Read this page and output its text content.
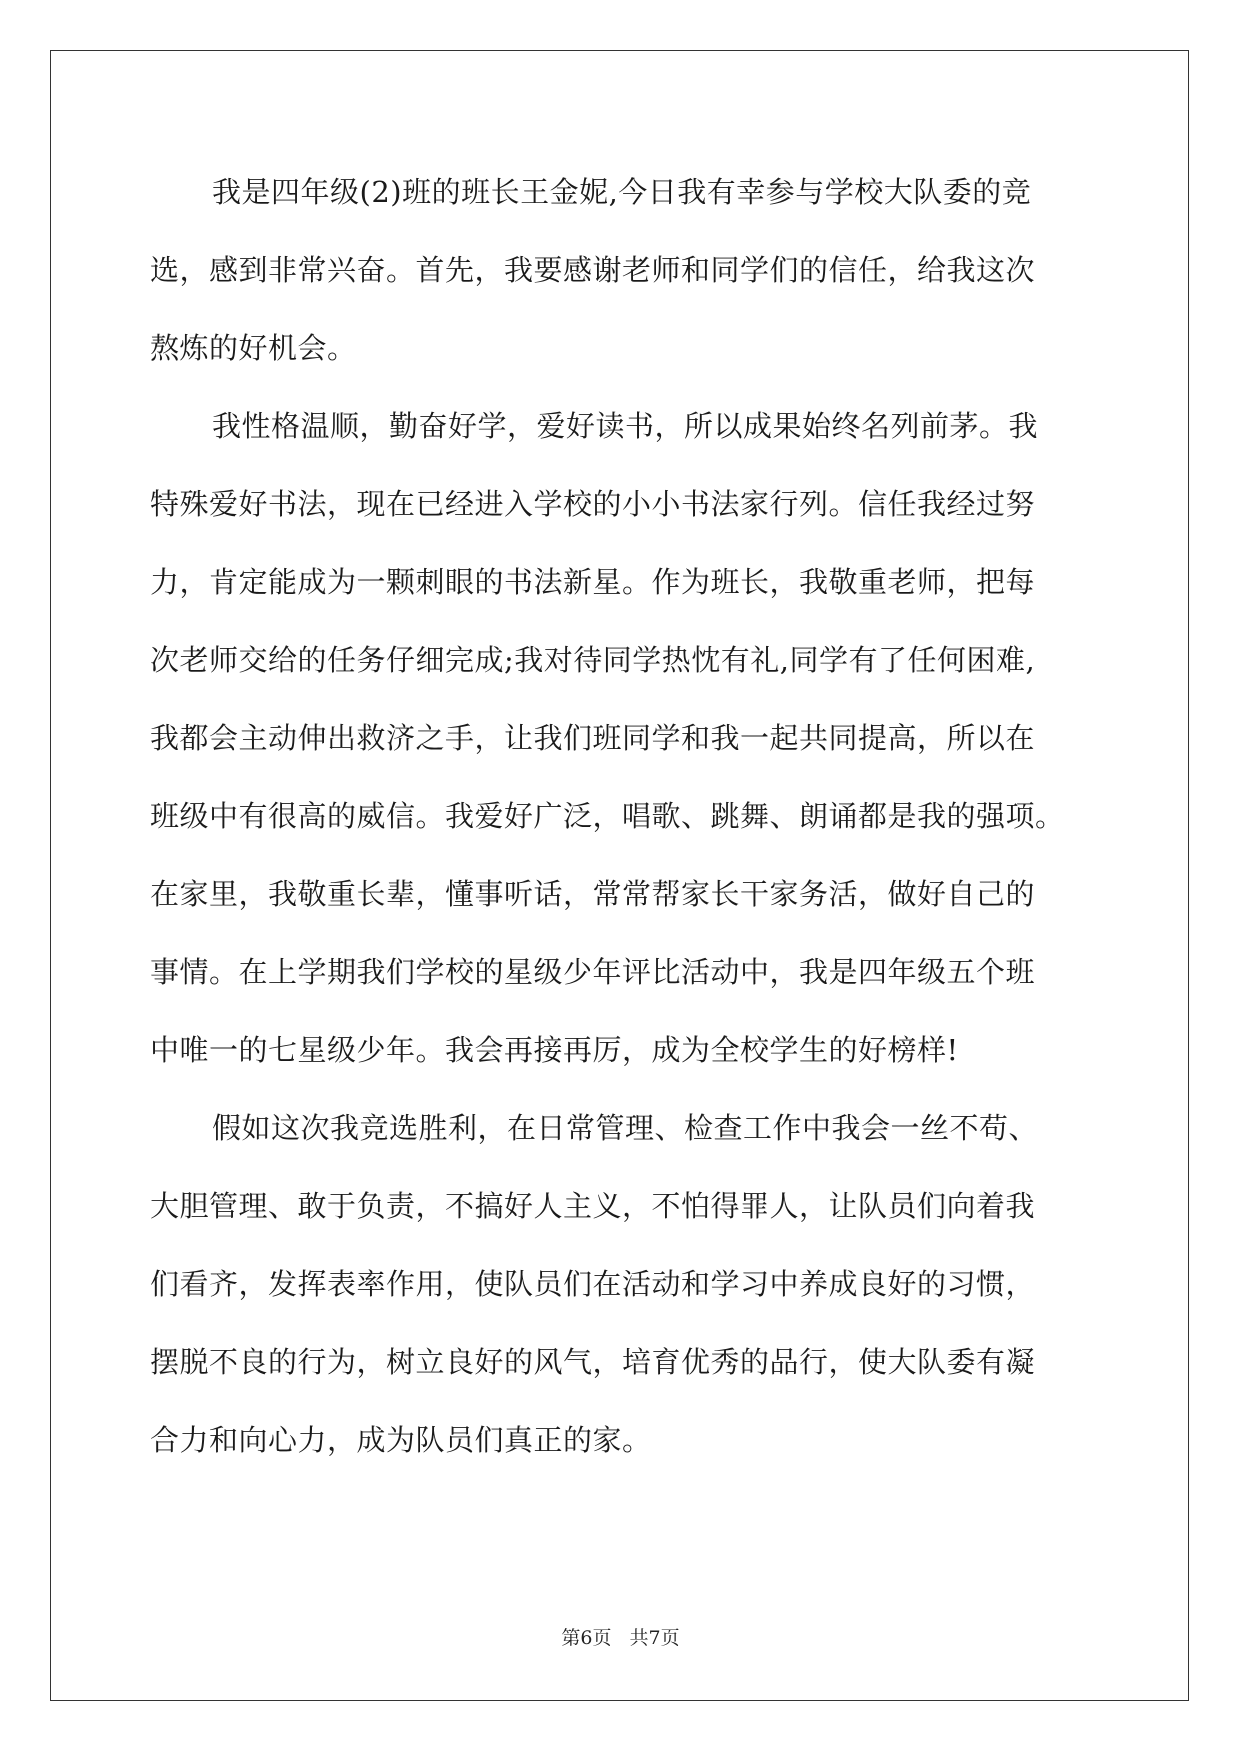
我是四年级(2)班的班长王金妮,今日我有幸参与学校大队委的竞
选，感到非常兴奋。首先，我要感谢老师和同学们的信任，给我这次
熬炼的好机会。
我性格温顺，勤奋好学，爱好读书，所以成果始终名列前茅。我
特殊爱好书法，现在已经进入学校的小小书法家行列。信任我经过努
力，肯定能成为一颗刺眼的书法新星。作为班长，我敬重老师，把每
次老师交给的任务仔细完成;我对待同学热忱有礼,同学有了任何困难,
我都会主动伸出救济之手，让我们班同学和我一起共同提高，所以在
班级中有很高的威信。我爱好广泛，唱歌、跳舞、朗诵都是我的强项。
在家里，我敬重长辈，懂事听话，常常帮家长干家务活，做好自己的
事情。在上学期我们学校的星级少年评比活动中，我是四年级五个班
中唯一的七星级少年。我会再接再厉，成为全校学生的好榜样!
假如这次我竞选胜利，在日常管理、检查工作中我会一丝不苟、
大胆管理、敢于负责，不搞好人主义，不怕得罪人，让队员们向着我
们看齐，发挥表率作用，使队员们在活动和学习中养成良好的习惯，
摆脱不良的行为，树立良好的风气，培育优秀的品行，使大队委有凝
合力和向心力，成为队员们真正的家。
第6页 共7页
